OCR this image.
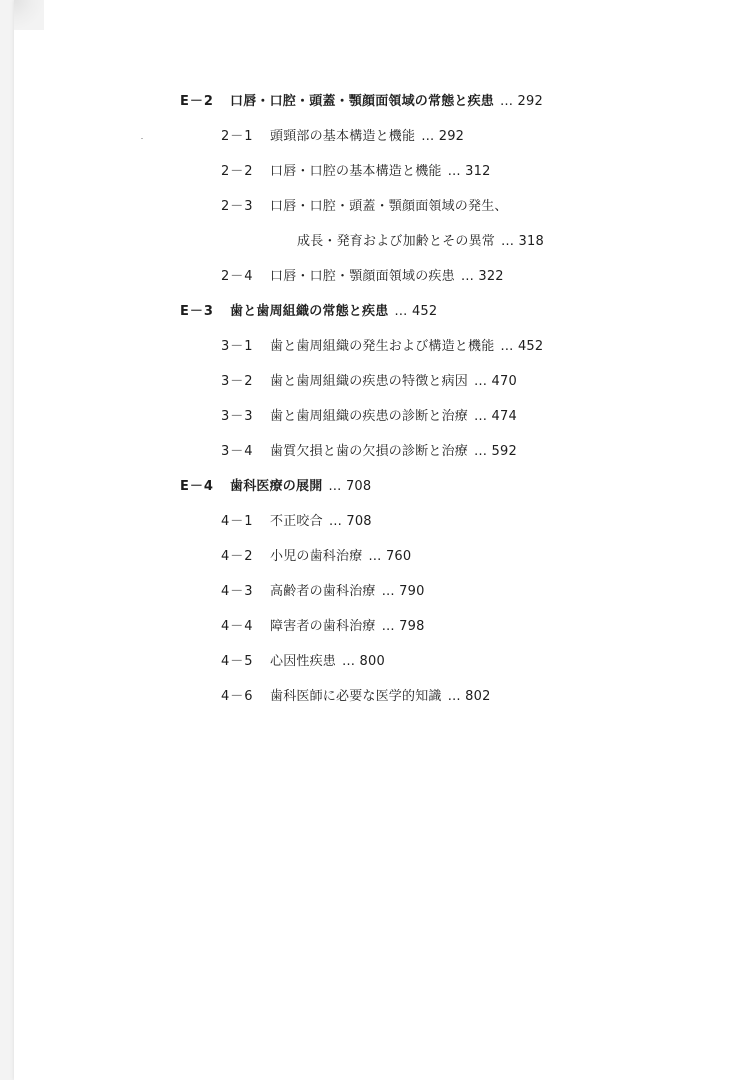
E－2 口唇・口腔・頭蓋・顎顔面領域の常態と疾患 … 292
2－1 頭頸部の基本構造と機能 … 292
2－2 口唇・口腔の基本構造と機能 … 312
2－3 口唇・口腔・頭蓋・顎顔面領域の発生、
成長・発育および加齢とその異常 … 318
2－4 口唇・口腔・顎顔面領域の疾患 … 322
E－3 歯と歯周組織の常態と疾患 … 452
3－1 歯と歯周組織の発生および構造と機能 … 452
3－2 歯と歯周組織の疾患の特徴と病因 … 470
3－3 歯と歯周組織の疾患の診断と治療 … 474
3－4 歯質欠損と歯の欠損の診断と治療 … 592
E－4 歯科医療の展開 … 708
4－1 不正咬合 … 708
4－2 小児の歯科治療 … 760
4－3 高齢者の歯科治療 … 790
4－4 障害者の歯科治療 … 798
4－5 心因性疾患 … 800
4－6 歯科医師に必要な医学的知識 … 802
